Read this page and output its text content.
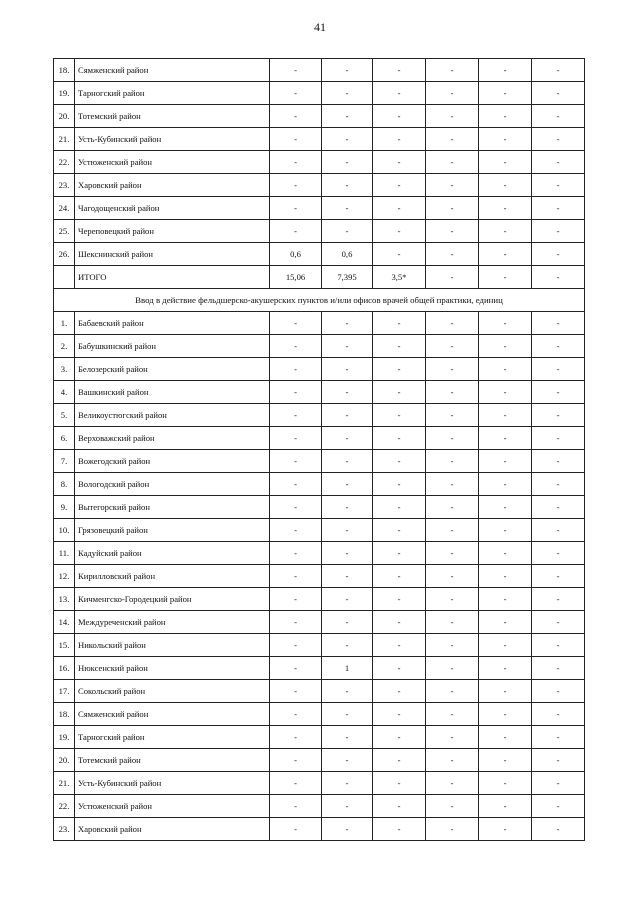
41
18.	Сямженский район	-	-	-	-	-	-
19.	Тарногский район	-	-	-	-	-	-
20.	Тотемский район	-	-	-	-	-	-
21.	Усть-Кубинский район	-	-	-	-	-	-
22.	Устюженский район	-	-	-	-	-	-
23.	Харовский район	-	-	-	-	-	-
24.	Чагодощенский район	-	-	-	-	-	-
25.	Череповецкий район	-	-	-	-	-	-
26.	Шекснинский район	0,6	0,6	-	-	-	-
	ИТОГО	15,06	7,395	3,5*	-	-	-
Ввод в действие фельдшерско-акушерских пунктов и/или офисов врачей общей практики, единиц							
1.	Бабаевский район	-	-	-	-	-	-
2.	Бабушкинский район	-	-	-	-	-	-
3.	Белозерский район	-	-	-	-	-	-
4.	Вашкинский район	-	-	-	-	-	-
5.	Великоустюгский район	-	-	-	-	-	-
6.	Верховажский район	-	-	-	-	-	-
7.	Вожегодский район	-	-	-	-	-	-
8.	Вологодский район	-	-	-	-	-	-
9.	Вытегорский район	-	-	-	-	-	-
10.	Грязовецкий район	-	-	-	-	-	-
11.	Кадуйский район	-	-	-	-	-	-
12.	Кирилловский район	-	-	-	-	-	-
13.	Кичменгско-Городецкий район	-	-	-	-	-	-
14.	Междуреченский район	-	-	-	-	-	-
15.	Никольский район	-	-	-	-	-	-
16.	Нюксенский район	-	1	-	-	-	-
17.	Сокольский район	-	-	-	-	-	-
18.	Сямженский район	-	-	-	-	-	-
19.	Тарногский район	-	-	-	-	-	-
20.	Тотемский район	-	-	-	-	-	-
21.	Усть-Кубинский район	-	-	-	-	-	-
22.	Устюженский район	-	-	-	-	-	-
23.	Харовский район	-	-	-	-	-	-
